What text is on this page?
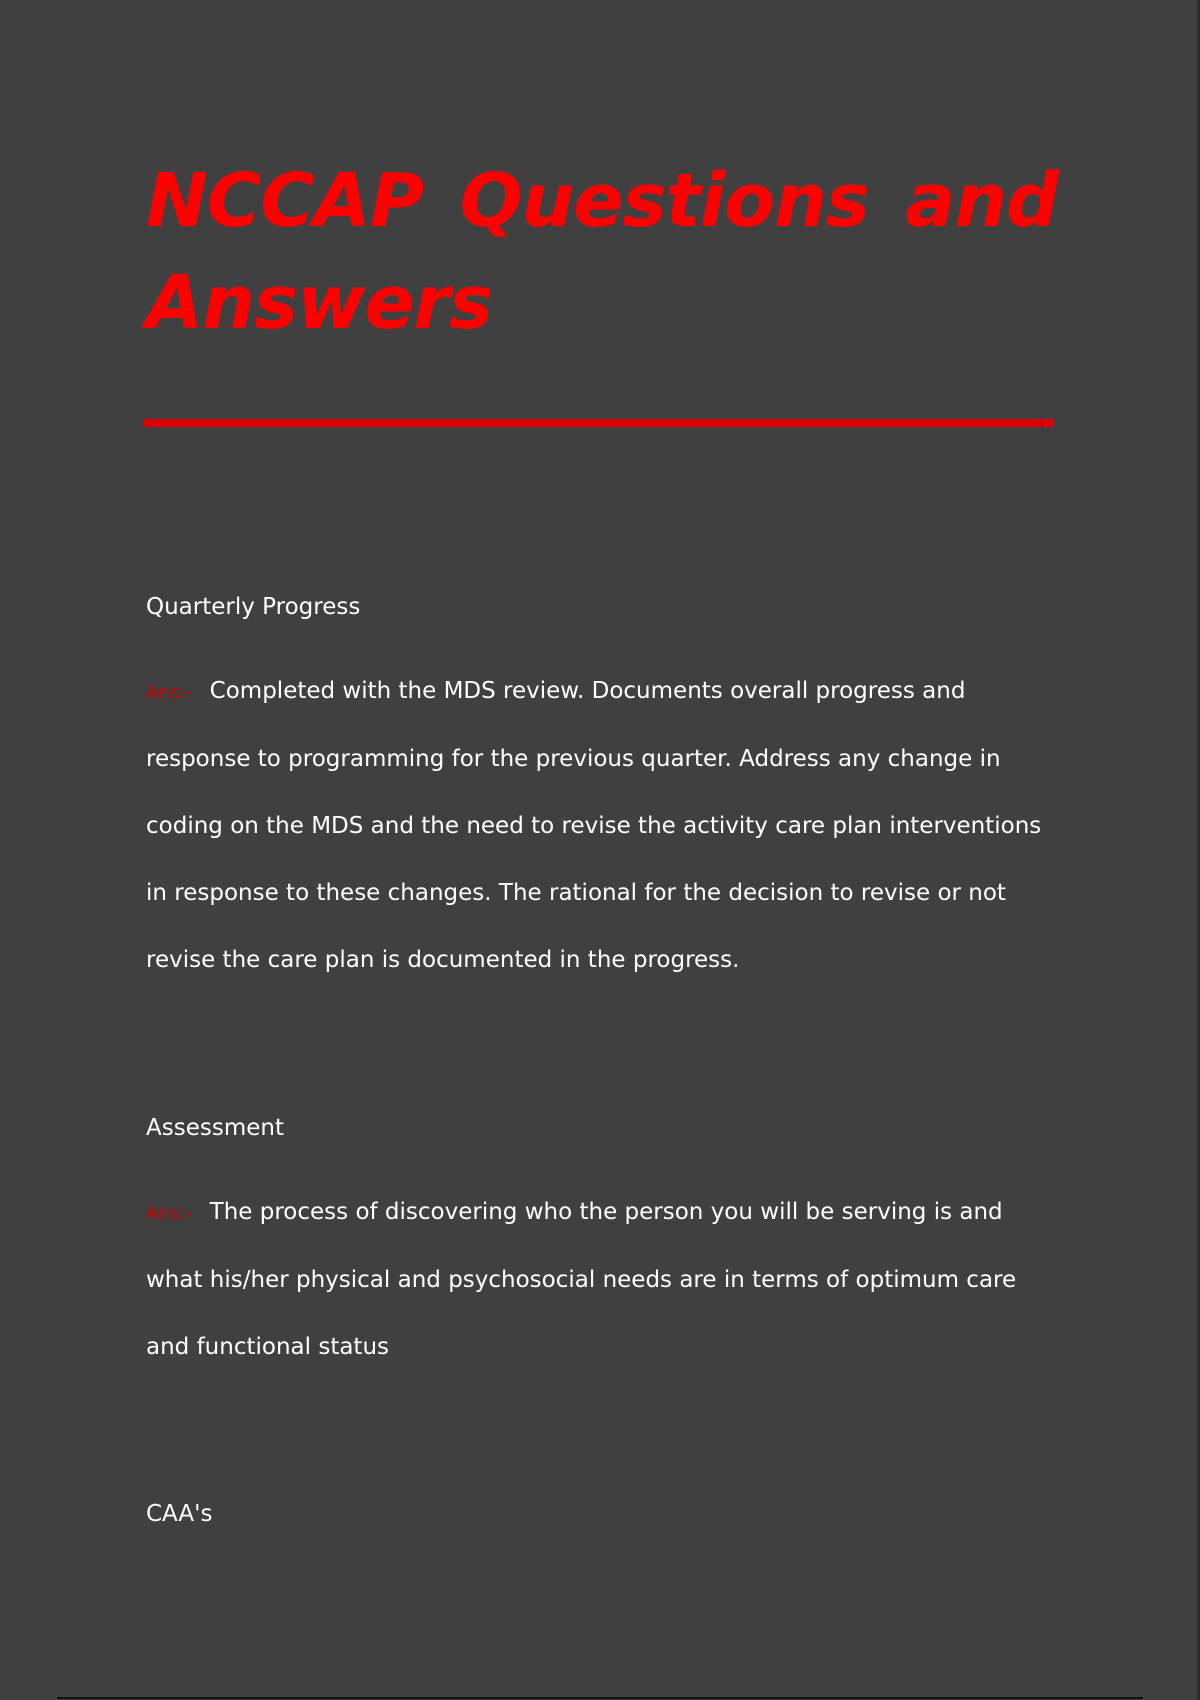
NCCAP Questions and Answers

Quarterly Progress

Ans:- Completed with the MDS review. Documents overall progress and response to programming for the previous quarter. Address any change in coding on the MDS and the need to revise the activity care plan interventions in response to these changes. The rational for the decision to revise or not revise the care plan is documented in the progress.

Assessment

Ans:- The process of discovering who the person you will be serving is and what his/her physical and psychosocial needs are in terms of optimum care and functional status

CAA's
